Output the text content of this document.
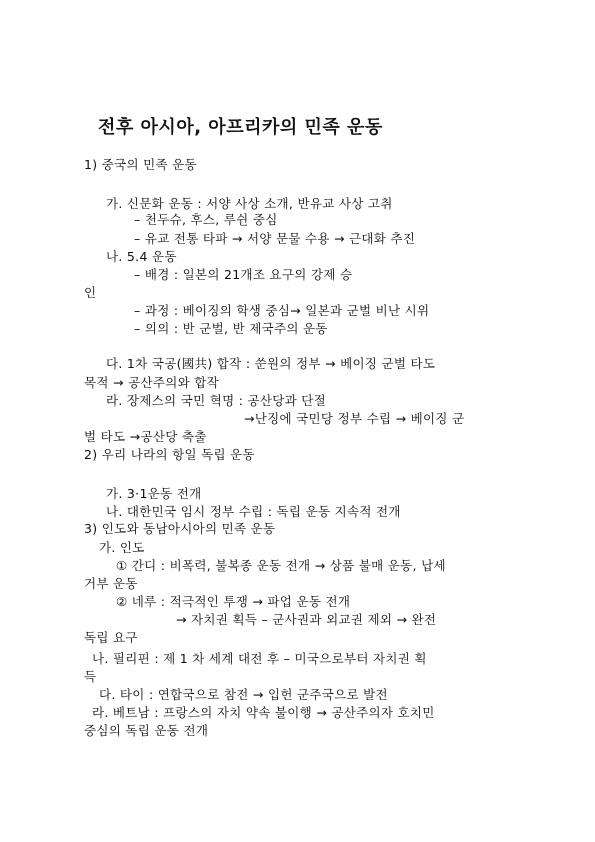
전후 아시아, 아프리카의 민족 운동
1) 중국의 민족 운동
가. 신문화 운동 : 서양 사상 소개, 반유교 사상 고취
– 천두슈, 후스, 루쉰 중심
– 유교 전통 타파 → 서양 문물 수용 → 근대화 추진
나. 5.4 운동
– 배경 : 일본의 21개조 요구의 강제 승
인
– 과정 : 베이징의 학생 중심→ 일본과 군벌 비난 시위
– 의의 : 반 군벌, 반 제국주의 운동
다. 1차 국공(國共) 합작 : 쑨원의 정부 → 베이징 군벌 타도
목적 → 공산주의와 합작
라. 장제스의 국민 혁명 : 공산당과 단절
→난징에 국민당 정부 수립 → 베이징 군
벌 타도 →공산당 축출
2) 우리 나라의 항일 독립 운동
가. 3·1운동 전개
나. 대한민국 임시 정부 수립 : 독립 운동 지속적 전개
3) 인도와 동남아시아의 민족 운동
가. 인도
① 간디 : 비폭력, 불복종 운동 전개 → 상품 불매 운동, 납세
거부 운동
② 네루 : 적극적인 투쟁 → 파업 운동 전개
→ 자치권 획득 – 군사권과 외교권 제외 → 완전
독립 요구
나. 필리핀 : 제 1 차 세계 대전 후 – 미국으로부터 자치권 획
득
다. 타이 : 연합국으로 참전 → 입헌 군주국으로 발전
라. 베트남 : 프랑스의 자치 약속 불이행 → 공산주의자 호치민
중심의 독립 운동 전개
